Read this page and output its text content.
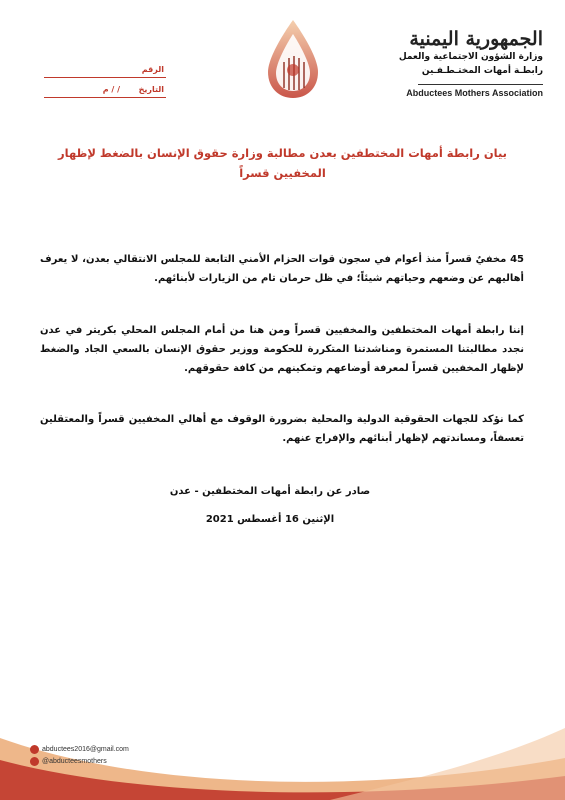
الجمهورية اليمنية
وزارة الشؤون الاجتماعية والعمل
رابطـة أمهات المختـطـفـين
Abductees Mothers Association
الرقم
التاريخ
/ / م
بيان رابطة أمهات المختطفين بعدن مطالبة وزارة حقوق الإنسان بالضغط لإظهار المخفيين قسراً
45 مخفيٌ قسراً منذ أعوام في سجون قوات الحزام الأمني التابعة للمجلس الانتقالي بعدن، لا يعرف أهاليهم عن وضعهم وحياتهم شيئاً؛ في ظل حرمان تام من الزيارات لأبنائهم.
إننا رابطة أمهات المختطفين والمخفيين قسراً ومن هنا من أمام المجلس المحلي بكريتر في عدن نجدد مطالبتنا المستمرة ومناشدتنا المتكررة للحكومة ووزير حقوق الإنسان بالسعي الجاد والضغط لإظهار المخفيين قسراً لمعرفة أوضاعهم وتمكينهم من كافة حقوقهم.
كما نؤكد للجهات الحقوقية الدولية والمحلية بضرورة الوقوف مع أهالي المخفيين قسراً والمعتقلين تعسفاً، ومساندتهم لإظهار أبنائهم والإفراج عنهم.
صادر عن رابطة أمهات المختطفين - عدن
الإثنين 16 أغسطس 2021
abductees2016@gmail.com
@abducteesmothers
